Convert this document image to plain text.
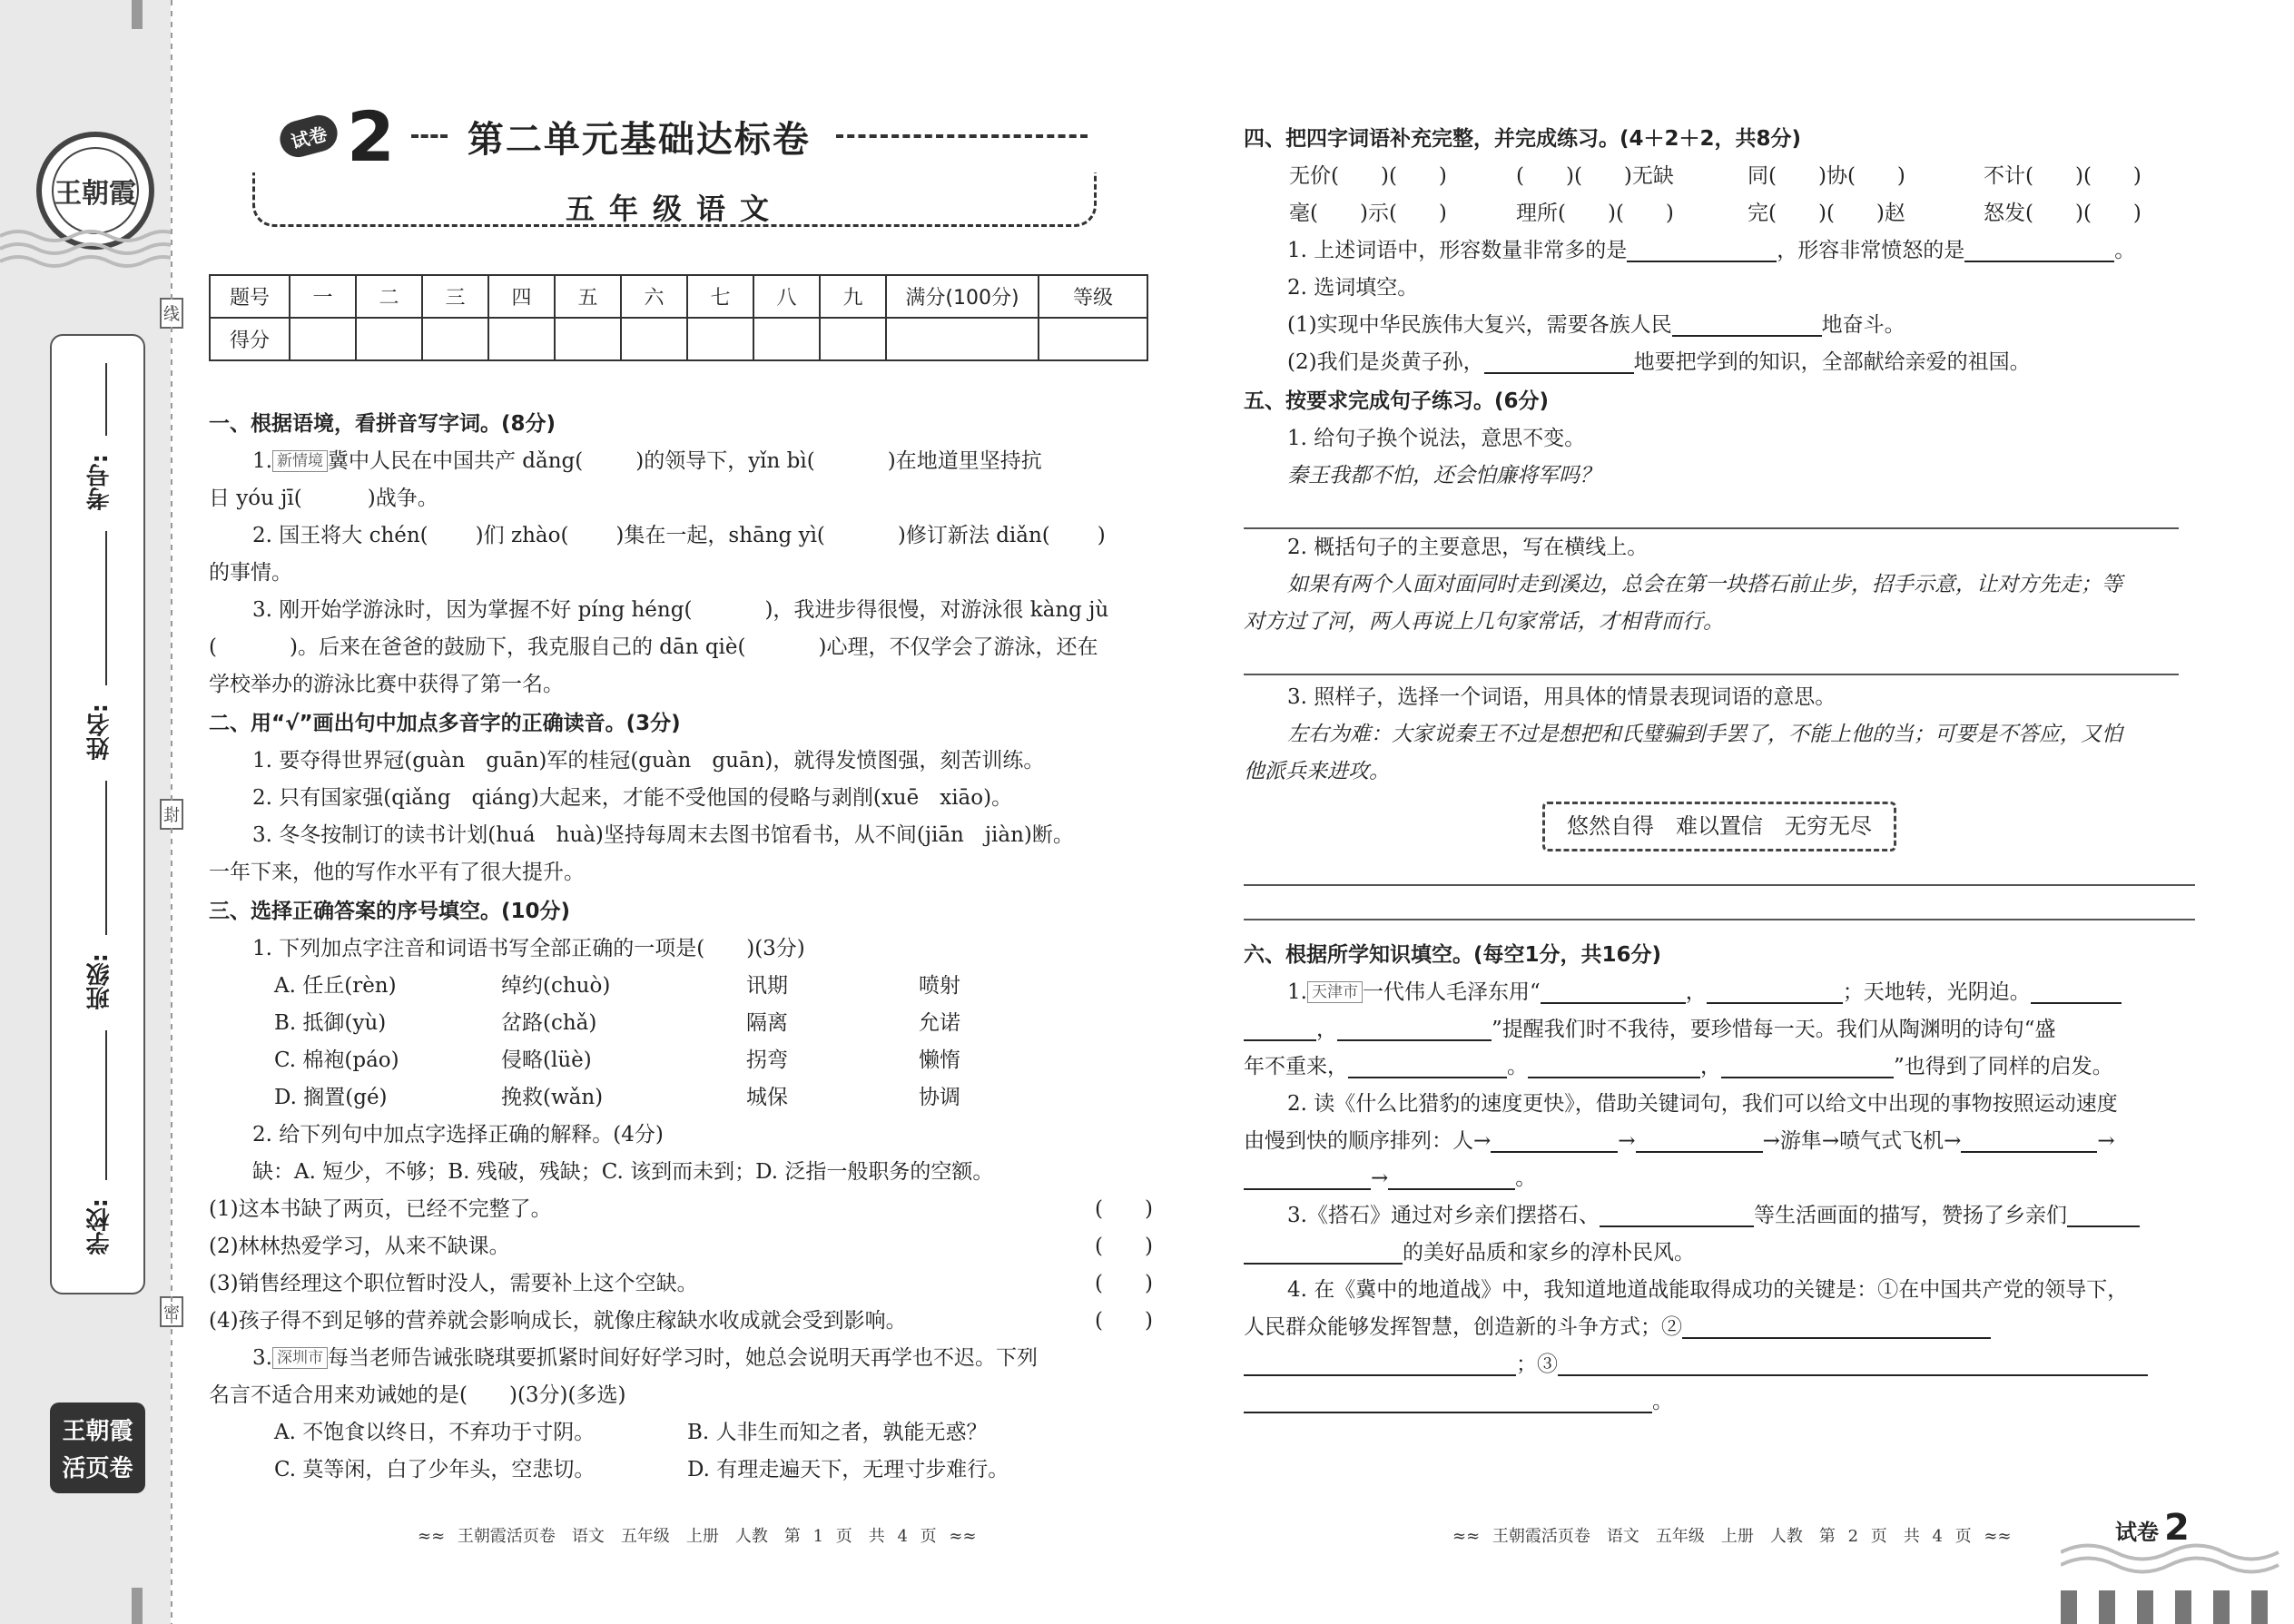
王朝霞
考号:
姓名:
班级:
学校:
王朝霞
活页卷
线
封
密
试卷 2 第二单元基础达标卷
五年级语文
题号	一	二	三	四	五	六	七	八	九	满分(100分)	等级
得分											
一、根据语境，看拼音写字词。(8分)
1. 新情境 冀中人民在中国共产 dǎng(	)的领导下，yǐn bì(	)在地道里坚持抗
日 yóu jī(	)战争。
2. 国王将大 chén( )们 zhào( )集在一起，shāng yì(	)修订新法 diǎn( )
的事情。
3. 刚开始学游泳时，因为掌握不好 píng héng(	)，我进步得很慢，对游泳很 kàng jù
(	)。后来在爸爸的鼓励下，我克服自己的 dān qiè(	)心理，不仅学会了游泳，还在
学校举办的游泳比赛中获得了第一名。
二、用“√”画出句中加点多音字的正确读音。(3分)
1. 要夺得世界冠(guàn　guān)军的桂冠(guàn　guān)，就得发愤图强，刻苦训练。
2. 只有国家强(qiǎng　qiáng)大起来，才能不受他国的侵略与剥削(xuē　xiāo)。
3. 冬冬按制订的读书计划(huá　huà)坚持每周末去图书馆看书，从不间(jiān　jiàn)断。
一年下来，他的写作水平有了很大提升。
三、选择正确答案的序号填空。(10分)
1. 下列加点字注音和词语书写全部正确的一项是(　　)(3分)
A. 任丘(rèn)	绰约(chuò)	讯期	喷射
B. 抵御(yù)	岔路(chǎ)	隔离	允诺
C. 棉袍(páo)	侵略(lüè)	拐弯	懒惰
D. 搁置(gé)	挽救(wǎn)	城保	协调
2. 给下列句中加点字选择正确的解释。(4分)
缺：A. 短少，不够；B. 残破，残缺；C. 该到而未到；D. 泛指一般职务的空额。
(1)这本书缺了两页，已经不完整了。	(　　)
(2)林林热爱学习，从来不缺课。	(　　)
(3)销售经理这个职位暂时没人，需要补上这个空缺。	(　　)
(4)孩子得不到足够的营养就会影响成长，就像庄稼缺水收成就会受到影响。	(　　)
3. 深圳市 每当老师告诫张晓琪要抓紧时间好好学习时，她总会说明天再学也不迟。下列
名言不适合用来劝诫她的是(　　)(3分)(多选)
A. 不饱食以终日，不弃功于寸阴。	B. 人非生而知之者，孰能无惑？
C. 莫等闲，白了少年头，空悲切。	D. 有理走遍天下，无理寸步难行。
≈≈ 王朝霞活页卷　语文　五年级　上册　人教　第 1 页　共 4 页 ≈≈
四、把四字词语补充完整，并完成练习。(4＋2＋2，共8分)
无价(　　)(　　)	(　　)(　　)无缺	同(　　)协(　　)	不计(　　)(　　)
毫(　　)示(　　)	理所(　　)(　　)	完(　　)(　　)赵	怒发(　　)(　　)
1. 上述词语中，形容数量非常多的是	，形容非常愤怒的是	。
2. 选词填空。
(1)实现中华民族伟大复兴，需要各族人民	地奋斗。
(2)我们是炎黄子孙，	地要把学到的知识，全部献给亲爱的祖国。
五、按要求完成句子练习。(6分)
1. 给句子换个说法，意思不变。
秦王我都不怕，还会怕廉将军吗？
2. 概括句子的主要意思，写在横线上。
如果有两个人面对面同时走到溪边，总会在第一块搭石前止步，招手示意，让对方先走；等
对方过了河，两人再说上几句家常话，才相背而行。
3. 照样子，选择一个词语，用具体的情景表现词语的意思。
左右为难：大家说秦王不过是想把和氏璧骗到手罢了，不能上他的当；可要是不答应，又怕
他派兵来进攻。
悠然自得　难以置信　无穷无尽
六、根据所学知识填空。(每空1分，共16分)
1. 天津市 一代伟人毛泽东用“	，	；天地转，光阴迫。
，	”提醒我们时不我待，要珍惜每一天。我们从陶渊明的诗句“盛
年不重来，	。	，	”也得到了同样的启发。
2. 读《什么比猎豹的速度更快》，借助关键词句，我们可以给文中出现的事物按照运动速度
由慢到快的顺序排列：人→	→	→游隼→喷气式飞机→	→
→	。
3.《搭石》通过对乡亲们摆搭石、	等生活画面的描写，赞扬了乡亲们
的美好品质和家乡的淳朴民风。
4. 在《冀中的地道战》中，我知道地道战能取得成功的关键是：①在中国共产党的领导下，
人民群众能够发挥智慧，创造新的斗争方式；②
；③
。
≈≈ 王朝霞活页卷　语文　五年级　上册　人教　第 2 页　共 4 页 ≈≈	试卷 2
